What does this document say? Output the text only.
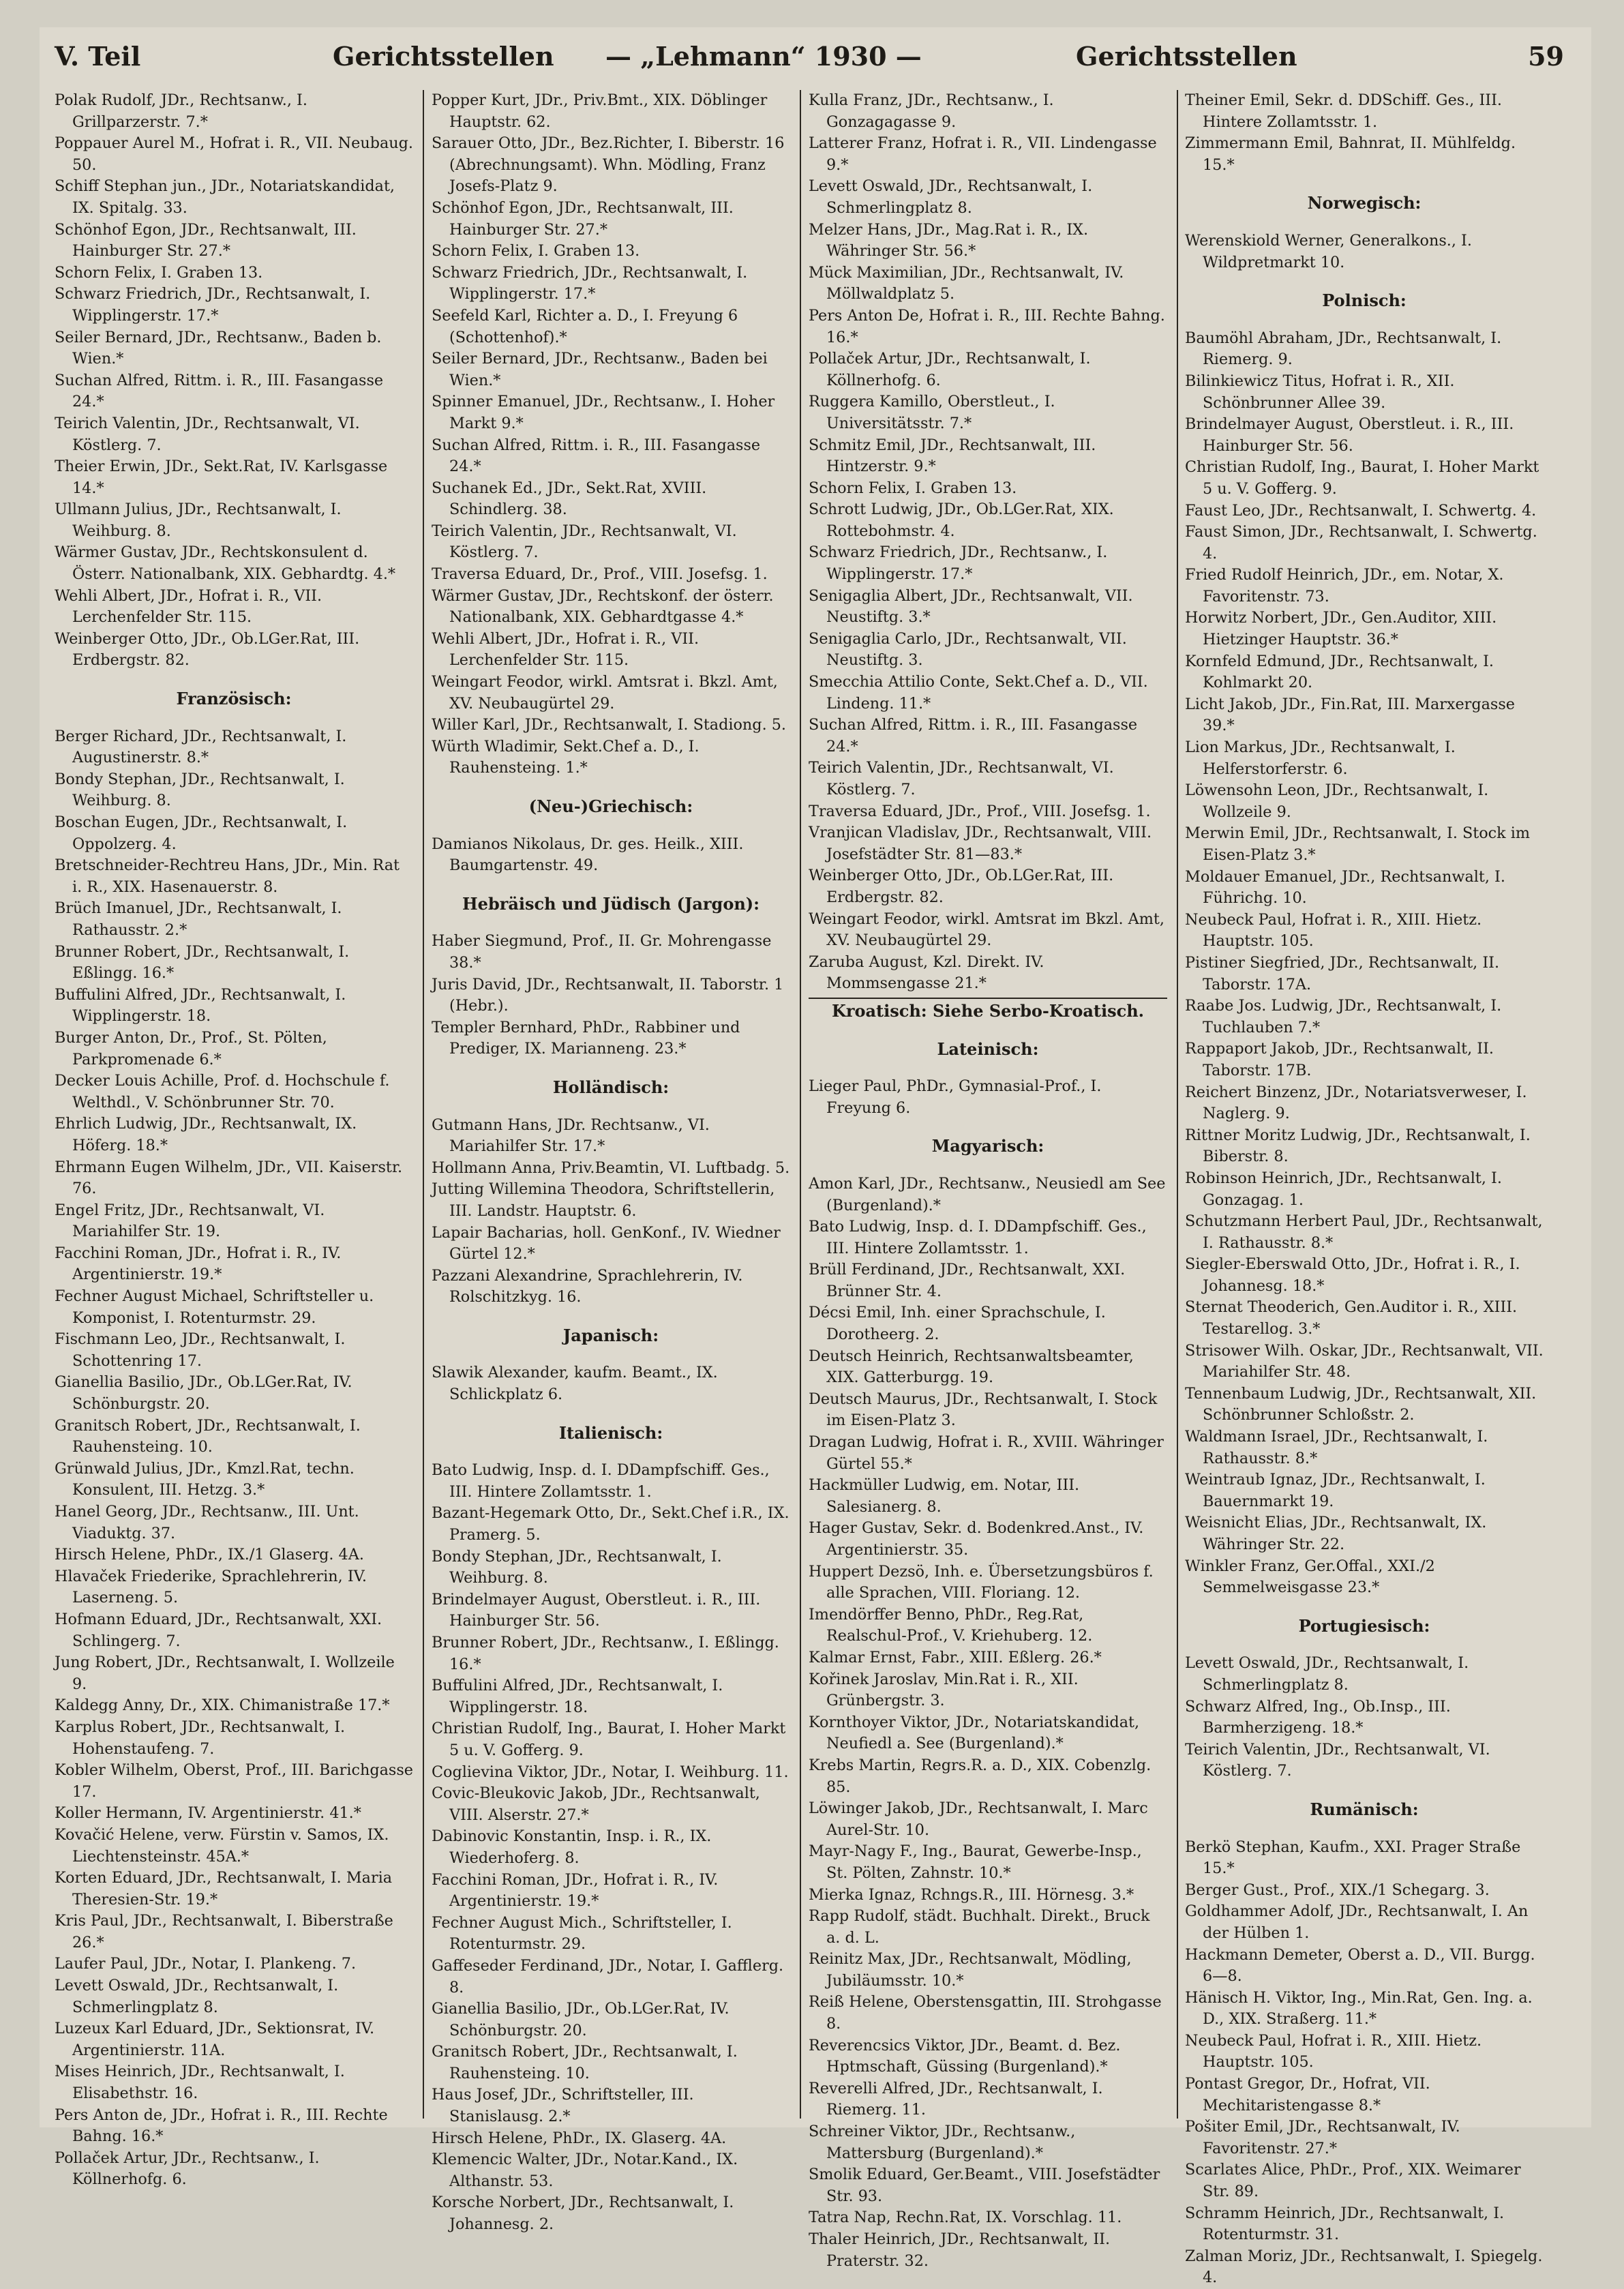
V. Teil	Gerichtsstellen — „Lehmann“ 1930 —	Gerichtsstellen	59

Polak Rudolf, JDr., Rechtsanw., I. Grillparzerstr. 7.*

Poppauer Aurel M., Hofrat i. R., VII. Neubaug. 50.

Schiff Stephan jun., JDr., Notariatskandidat, IX. Spitalg. 33.

Schönhof Egon, JDr., Rechtsanwalt, III. Hainburger Str. 27.*

Schorn Felix, I. Graben 13.

Schwarz Friedrich, JDr., Rechtsanwalt, I. Wipplingerstr. 17.*

Seiler Bernard, JDr., Rechtsanw., Baden b. Wien.*

Suchan Alfred, Rittm. i. R., III. Fasangasse 24.*

Teirich Valentin, JDr., Rechtsanwalt, VI. Köstlerg. 7.

Theier Erwin, JDr., Sekt.Rat, IV. Karlsgasse 14.*

Ullmann Julius, JDr., Rechtsanwalt, I. Weihburg. 8.

Wärmer Gustav, JDr., Rechtskonsulent d. Österr. Nationalbank, XIX. Gebhardtg. 4.*

Wehli Albert, JDr., Hofrat i. R., VII. Lerchenfelder Str. 115.

Weinberger Otto, JDr., Ob.LGer.Rat, III. Erdbergstr. 82.

Französisch:

Berger Richard, JDr., Rechtsanwalt, I. Augustinerstr. 8.*

Bondy Stephan, JDr., Rechtsanwalt, I. Weihburg. 8.

Boschan Eugen, JDr., Rechtsanwalt, I. Oppolzerg. 4.

Bretschneider-Rechtreu Hans, JDr., Min. Rat i. R., XIX. Hasenauerstr. 8.

Brüch Imanuel, JDr., Rechtsanwalt, I. Rathausstr. 2.*

Brunner Robert, JDr., Rechtsanwalt, I. Eßlingg. 16.*

Buffulini Alfred, JDr., Rechtsanwalt, I. Wipplingerstr. 18.

Burger Anton, Dr., Prof., St. Pölten, Parkpromenade 6.*

Decker Louis Achille, Prof. d. Hochschule f. Welthdl., V. Schönbrunner Str. 70.

Ehrlich Ludwig, JDr., Rechtsanwalt, IX. Höferg. 18.*

Ehrmann Eugen Wilhelm, JDr., VII. Kaiserstr. 76.

Engel Fritz, JDr., Rechtsanwalt, VI. Mariahilfer Str. 19.

Facchini Roman, JDr., Hofrat i. R., IV. Argentinierstr. 19.*

Fechner August Michael, Schriftsteller u. Komponist, I. Rotenturmstr. 29.

Fischmann Leo, JDr., Rechtsanwalt, I. Schottenring 17.

Gianellia Basilio, JDr., Ob.LGer.Rat, IV. Schönburgstr. 20.

Granitsch Robert, JDr., Rechtsanwalt, I. Rauhensteing. 10.

Grünwald Julius, JDr., Kmzl.Rat, techn. Konsulent, III. Hetzg. 3.*

Hanel Georg, JDr., Rechtsanw., III. Unt. Viaduktg. 37.

Hirsch Helene, PhDr., IX./1 Glaserg. 4A.

Hlavaček Friederike, Sprachlehrerin, IV. Laserneng. 5.

Hofmann Eduard, JDr., Rechtsanwalt, XXI. Schlingerg. 7.

Jung Robert, JDr., Rechtsanwalt, I. Wollzeile 9.

Kaldegg Anny, Dr., XIX. Chimanistraße 17.*

Karplus Robert, JDr., Rechtsanwalt, I. Hohenstaufeng. 7.

Kobler Wilhelm, Oberst, Prof., III. Barichgasse 17.

Koller Hermann, IV. Argentinierstr. 41.*

Kovačić Helene, verw. Fürstin v. Samos, IX. Liechtensteinstr. 45A.*

Korten Eduard, JDr., Rechtsanwalt, I. Maria Theresien-Str. 19.*

Kris Paul, JDr., Rechtsanwalt, I. Biberstraße 26.*

Laufer Paul, JDr., Notar, I. Plankeng. 7.

Levett Oswald, JDr., Rechtsanwalt, I. Schmerlingplatz 8.

Luzeux Karl Eduard, JDr., Sektionsrat, IV. Argentinierstr. 11A.

Mises Heinrich, JDr., Rechtsanwalt, I. Elisabethstr. 16.

Pers Anton de, JDr., Hofrat i. R., III. Rechte Bahng. 16.*

Pollaček Artur, JDr., Rechtsanw., I. Köllnerhofg. 6.

Popper Kurt, JDr., Priv.Bmt., XIX. Döblinger Hauptstr. 62.

Sarauer Otto, JDr., Bez.Richter, I. Biberstr. 16 (Abrechnungsamt). Whn. Mödling, Franz Josefs-Platz 9.

Schönhof Egon, JDr., Rechtsanwalt, III. Hainburger Str. 27.*

Schorn Felix, I. Graben 13.

Schwarz Friedrich, JDr., Rechtsanwalt, I. Wipplingerstr. 17.*

Seefeld Karl, Richter a. D., I. Freyung 6 (Schottenhof).*

Seiler Bernard, JDr., Rechtsanw., Baden bei Wien.*

Spinner Emanuel, JDr., Rechtsanw., I. Hoher Markt 9.*

Suchan Alfred, Rittm. i. R., III. Fasangasse 24.*

Suchanek Ed., JDr., Sekt.Rat, XVIII. Schindlerg. 38.

Teirich Valentin, JDr., Rechtsanwalt, VI. Köstlerg. 7.

Traversa Eduard, Dr., Prof., VIII. Josefsg. 1.

Wärmer Gustav, JDr., Rechtskonf. der österr. Nationalbank, XIX. Gebhardtgasse 4.*

Wehli Albert, JDr., Hofrat i. R., VII. Lerchenfelder Str. 115.

Weingart Feodor, wirkl. Amtsrat i. Bkzl. Amt, XV. Neubaugürtel 29.

Willer Karl, JDr., Rechtsanwalt, I. Stadiong. 5.

Würth Wladimir, Sekt.Chef a. D., I. Rauhensteing. 1.*

(Neu-)Griechisch:

Damianos Nikolaus, Dr. ges. Heilk., XIII. Baumgartenstr. 49.

Hebräisch und Jüdisch (Jargon):

Haber Siegmund, Prof., II. Gr. Mohrengasse 38.*

Juris David, JDr., Rechtsanwalt, II. Taborstr. 1 (Hebr.).

Templer Bernhard, PhDr., Rabbiner und Prediger, IX. Marianneng. 23.*

Holländisch:

Gutmann Hans, JDr. Rechtsanw., VI. Mariahilfer Str. 17.*

Hollmann Anna, Priv.Beamtin, VI. Luftbadg. 5.

Jutting Willemina Theodora, Schriftstellerin, III. Landstr. Hauptstr. 6.

Lapair Bacharias, holl. GenKonf., IV. Wiedner Gürtel 12.*

Pazzani Alexandrine, Sprachlehrerin, IV. Rolschitzkyg. 16.

Japanisch:

Slawik Alexander, kaufm. Beamt., IX. Schlickplatz 6.

Italienisch:

Bato Ludwig, Insp. d. I. DDampfschiff. Ges., III. Hintere Zollamtsstr. 1.

Bazant-Hegemark Otto, Dr., Sekt.Chef i.R., IX. Pramerg. 5.

Bondy Stephan, JDr., Rechtsanwalt, I. Weihburg. 8.

Brindelmayer August, Oberstleut. i. R., III. Hainburger Str. 56.

Brunner Robert, JDr., Rechtsanw., I. Eßlingg. 16.*

Buffulini Alfred, JDr., Rechtsanwalt, I. Wipplingerstr. 18.

Christian Rudolf, Ing., Baurat, I. Hoher Markt 5 u. V. Gofferg. 9.

Coglievina Viktor, JDr., Notar, I. Weihburg. 11.

Covic-Bleukovic Jakob, JDr., Rechtsanwalt, VIII. Alserstr. 27.*

Dabinovic Konstantin, Insp. i. R., IX. Wiederhoferg. 8.

Facchini Roman, JDr., Hofrat i. R., IV. Argentinierstr. 19.*

Fechner August Mich., Schriftsteller, I. Rotenturmstr. 29.

Gaffeseder Ferdinand, JDr., Notar, I. Gafflerg. 8.

Gianellia Basilio, JDr., Ob.LGer.Rat, IV. Schönburgstr. 20.

Granitsch Robert, JDr., Rechtsanwalt, I. Rauhensteing. 10.

Haus Josef, JDr., Schriftsteller, III. Stanislausg. 2.*

Hirsch Helene, PhDr., IX. Glaserg. 4A.

Klemencic Walter, JDr., Notar.Kand., IX. Althanstr. 53.

Korsche Norbert, JDr., Rechtsanwalt, I. Johannesg. 2.

Kulla Franz, JDr., Rechtsanw., I. Gonzagagasse 9.

Latterer Franz, Hofrat i. R., VII. Lindengasse 9.*

Levett Oswald, JDr., Rechtsanwalt, I. Schmerlingplatz 8.

Melzer Hans, JDr., Mag.Rat i. R., IX. Währinger Str. 56.*

Mück Maximilian, JDr., Rechtsanwalt, IV. Möllwaldplatz 5.

Pers Anton De, Hofrat i. R., III. Rechte Bahng. 16.*

Pollaček Artur, JDr., Rechtsanwalt, I. Köllnerhofg. 6.

Ruggera Kamillo, Oberstleut., I. Universitätsstr. 7.*

Schmitz Emil, JDr., Rechtsanwalt, III. Hintzerstr. 9.*

Schorn Felix, I. Graben 13.

Schrott Ludwig, JDr., Ob.LGer.Rat, XIX. Rottebohmstr. 4.

Schwarz Friedrich, JDr., Rechtsanw., I. Wipplingerstr. 17.*

Senigaglia Albert, JDr., Rechtsanwalt, VII. Neustiftg. 3.*

Senigaglia Carlo, JDr., Rechtsanwalt, VII. Neustiftg. 3.

Smecchia Attilio Conte, Sekt.Chef a. D., VII. Lindeng. 11.*

Suchan Alfred, Rittm. i. R., III. Fasangasse 24.*

Teirich Valentin, JDr., Rechtsanwalt, VI. Köstlerg. 7.

Traversa Eduard, JDr., Prof., VIII. Josefsg. 1.

Vranjican Vladislav, JDr., Rechtsanwalt, VIII. Josefstädter Str. 81—83.*

Weinberger Otto, JDr., Ob.LGer.Rat, III. Erdbergstr. 82.

Weingart Feodor, wirkl. Amtsrat im Bkzl. Amt, XV. Neubaugürtel 29.

Zaruba August, Kzl. Direkt. IV. Mommsengasse 21.*

Kroatisch: Siehe Serbo-Kroatisch.

Lateinisch:

Lieger Paul, PhDr., Gymnasial-Prof., I. Freyung 6.

Magyarisch:

Amon Karl, JDr., Rechtsanw., Neusiedl am See (Burgenland).*

Bato Ludwig, Insp. d. I. DDampfschiff. Ges., III. Hintere Zollamtsstr. 1.

Brüll Ferdinand, JDr., Rechtsanwalt, XXI. Brünner Str. 4.

Décsi Emil, Inh. einer Sprachschule, I. Dorotheerg. 2.

Deutsch Heinrich, Rechtsanwaltsbeamter, XIX. Gatterburgg. 19.

Deutsch Maurus, JDr., Rechtsanwalt, I. Stock im Eisen-Platz 3.

Dragan Ludwig, Hofrat i. R., XVIII. Währinger Gürtel 55.*

Hackmüller Ludwig, em. Notar, III. Salesianerg. 8.

Hager Gustav, Sekr. d. Bodenkred.Anst., IV. Argentinierstr. 35.

Huppert Dezsö, Inh. e. Übersetzungsbüros f. alle Sprachen, VIII. Floriang. 12.

Imendörffer Benno, PhDr., Reg.Rat, Realschul-Prof., V. Kriehuberg. 12.

Kalmar Ernst, Fabr., XIII. Eßlerg. 26.*

Kořinek Jaroslav, Min.Rat i. R., XII. Grünbergstr. 3.

Kornthoyer Viktor, JDr., Notariatskandidat, Neufiedl a. See (Burgenland).*

Krebs Martin, Regrs.R. a. D., XIX. Cobenzlg. 85.

Löwinger Jakob, JDr., Rechtsanwalt, I. Marc Aurel-Str. 10.

Mayr-Nagy F., Ing., Baurat, Gewerbe-Insp., St. Pölten, Zahnstr. 10.*

Mierka Ignaz, Rchngs.R., III. Hörnesg. 3.*

Rapp Rudolf, städt. Buchhalt. Direkt., Bruck a. d. L.

Reinitz Max, JDr., Rechtsanwalt, Mödling, Jubiläumsstr. 10.*

Reiß Helene, Oberstensgattin, III. Strohgasse 8.

Reverencsics Viktor, JDr., Beamt. d. Bez. Hptmschaft, Güssing (Burgenland).*

Reverelli Alfred, JDr., Rechtsanwalt, I. Riemerg. 11.

Schreiner Viktor, JDr., Rechtsanw., Mattersburg (Burgenland).*

Smolik Eduard, Ger.Beamt., VIII. Josefstädter Str. 93.

Tatra Nap, Rechn.Rat, IX. Vorschlag. 11.

Thaler Heinrich, JDr., Rechtsanwalt, II. Praterstr. 32.

Theiner Emil, Sekr. d. DDSchiff. Ges., III. Hintere Zollamtsstr. 1.

Zimmermann Emil, Bahnrat, II. Mühlfeldg. 15.*

Norwegisch:

Werenskiold Werner, Generalkons., I. Wildpretmarkt 10.

Polnisch:

Baumöhl Abraham, JDr., Rechtsanwalt, I. Riemerg. 9.

Bilinkiewicz Titus, Hofrat i. R., XII. Schönbrunner Allee 39.

Brindelmayer August, Oberstleut. i. R., III. Hainburger Str. 56.

Christian Rudolf, Ing., Baurat, I. Hoher Markt 5 u. V. Gofferg. 9.

Faust Leo, JDr., Rechtsanwalt, I. Schwertg. 4.

Faust Simon, JDr., Rechtsanwalt, I. Schwertg. 4.

Fried Rudolf Heinrich, JDr., em. Notar, X. Favoritenstr. 73.

Horwitz Norbert, JDr., Gen.Auditor, XIII. Hietzinger Hauptstr. 36.*

Kornfeld Edmund, JDr., Rechtsanwalt, I. Kohlmarkt 20.

Licht Jakob, JDr., Fin.Rat, III. Marxergasse 39.*

Lion Markus, JDr., Rechtsanwalt, I. Helferstorferstr. 6.

Löwensohn Leon, JDr., Rechtsanwalt, I. Wollzeile 9.

Merwin Emil, JDr., Rechtsanwalt, I. Stock im Eisen-Platz 3.*

Moldauer Emanuel, JDr., Rechtsanwalt, I. Führichg. 10.

Neubeck Paul, Hofrat i. R., XIII. Hietz. Hauptstr. 105.

Pistiner Siegfried, JDr., Rechtsanwalt, II. Taborstr. 17A.

Raabe Jos. Ludwig, JDr., Rechtsanwalt, I. Tuchlauben 7.*

Rappaport Jakob, JDr., Rechtsanwalt, II. Taborstr. 17B.

Reichert Binzenz, JDr., Notariatsverweser, I. Naglerg. 9.

Rittner Moritz Ludwig, JDr., Rechtsanwalt, I. Biberstr. 8.

Robinson Heinrich, JDr., Rechtsanwalt, I. Gonzagag. 1.

Schutzmann Herbert Paul, JDr., Rechtsanwalt, I. Rathausstr. 8.*

Siegler-Eberswald Otto, JDr., Hofrat i. R., I. Johannesg. 18.*

Sternat Theoderich, Gen.Auditor i. R., XIII. Testarellog. 3.*

Strisower Wilh. Oskar, JDr., Rechtsanwalt, VII. Mariahilfer Str. 48.

Tennenbaum Ludwig, JDr., Rechtsanwalt, XII. Schönbrunner Schloßstr. 2.

Waldmann Israel, JDr., Rechtsanwalt, I. Rathausstr. 8.*

Weintraub Ignaz, JDr., Rechtsanwalt, I. Bauernmarkt 19.

Weisnicht Elias, JDr., Rechtsanwalt, IX. Währinger Str. 22.

Winkler Franz, Ger.Offal., XXI./2 Semmelweisgasse 23.*

Portugiesisch:

Levett Oswald, JDr., Rechtsanwalt, I. Schmerlingplatz 8.

Schwarz Alfred, Ing., Ob.Insp., III. Barmherzigeng. 18.*

Teirich Valentin, JDr., Rechtsanwalt, VI. Köstlerg. 7.

Rumänisch:

Berkö Stephan, Kaufm., XXI. Prager Straße 15.*

Berger Gust., Prof., XIX./1 Schegarg. 3.

Goldhammer Adolf, JDr., Rechtsanwalt, I. An der Hülben 1.

Hackmann Demeter, Oberst a. D., VII. Burgg. 6—8.

Hänisch H. Viktor, Ing., Min.Rat, Gen. Ing. a. D., XIX. Straßerg. 11.*

Neubeck Paul, Hofrat i. R., XIII. Hietz. Hauptstr. 105.

Pontast Gregor, Dr., Hofrat, VII. Mechitaristengasse 8.*

Pošiter Emil, JDr., Rechtsanwalt, IV. Favoritenstr. 27.*

Scarlates Alice, PhDr., Prof., XIX. Weimarer Str. 89.

Schramm Heinrich, JDr., Rechtsanwalt, I. Rotenturmstr. 31.

Zalman Moriz, JDr., Rechtsanwalt, I. Spiegelg. 4.
